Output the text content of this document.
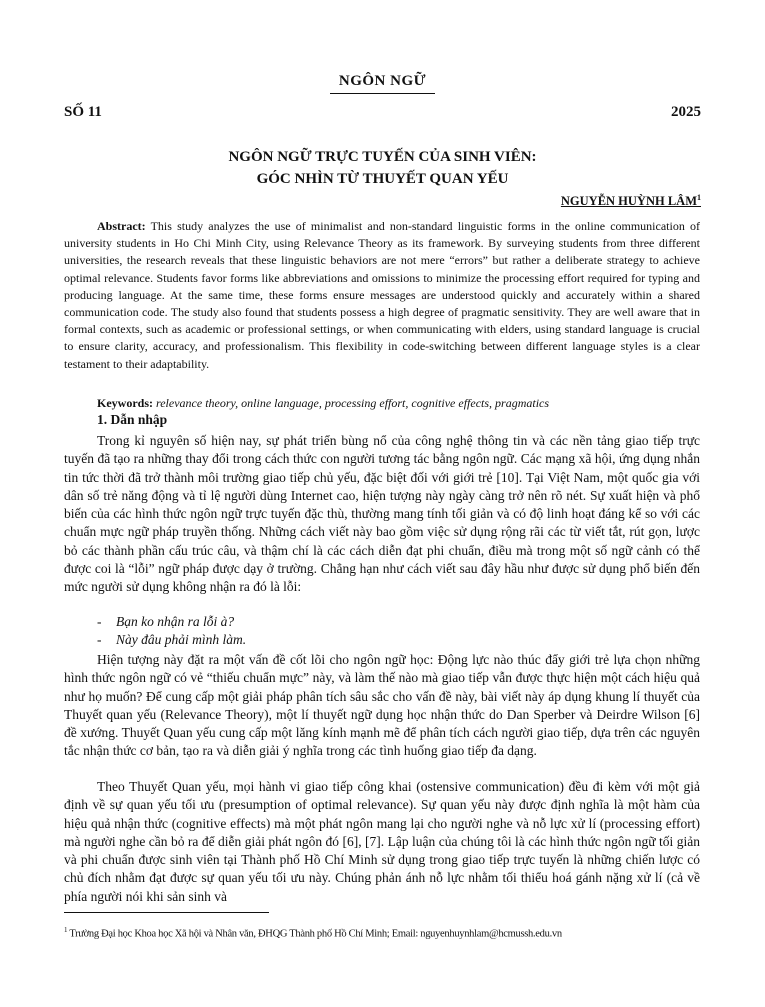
NGÔN NGỮ
SỐ 11	2025
NGÔN NGỮ TRỰC TUYẾN CỦA SINH VIÊN:
GÓC NHÌN TỪ THUYẾT QUAN YẾU
NGUYỄN HUỲNH LÂM$^1$

Abstract: This study analyzes the use of minimalist and non-standard linguistic forms in the online communication of university students in Ho Chi Minh City, using Relevance Theory as its framework. By surveying students from three different universities, the research reveals that these linguistic behaviors are not mere “errors” but rather a deliberate strategy to achieve optimal relevance. Students favor forms like abbreviations and omissions to minimize the processing effort required for typing and producing language. At the same time, these forms ensure messages are understood quickly and accurately within a shared communication code. The study also found that students possess a high degree of pragmatic sensitivity. They are well aware that in formal contexts, such as academic or professional settings, or when communicating with elders, using standard language is crucial to ensure clarity, accuracy, and professionalism. This flexibility in code-switching between different language styles is a clear testament to their adaptability.

Keywords: relevance theory, online language, processing effort, cognitive effects, pragmatics

1. Dẫn nhập

Trong kỉ nguyên số hiện nay, sự phát triển bùng nổ của công nghệ thông tin và các nền tảng giao tiếp trực tuyến đã tạo ra những thay đổi trong cách thức con người tương tác bằng ngôn ngữ. Các mạng xã hội, ứng dụng nhắn tin tức thời đã trở thành môi trường giao tiếp chủ yếu, đặc biệt đối với giới trẻ [10]. Tại Việt Nam, một quốc gia với dân số trẻ năng động và tỉ lệ người dùng Internet cao, hiện tượng này ngày càng trở nên rõ nét. Sự xuất hiện và phổ biến của các hình thức ngôn ngữ trực tuyến đặc thù, thường mang tính tối giản và có độ linh hoạt đáng kể so với các chuẩn mực ngữ pháp truyền thống. Những cách viết này bao gồm việc sử dụng rộng rãi các từ viết tắt, rút gọn, lược bỏ các thành phần cấu trúc câu, và thậm chí là các cách diễn đạt phi chuẩn, điều mà trong một số ngữ cảnh có thể được coi là “lỗi” ngữ pháp được dạy ở trường. Chẳng hạn như cách viết sau đây hầu như được sử dụng phổ biến đến mức người sử dụng không nhận ra đó là lỗi:

-	Bạn ko nhận ra lỗi à?
-	Này đâu phải mình làm.

Hiện tượng này đặt ra một vấn đề cốt lõi cho ngôn ngữ học: Động lực nào thúc đẩy giới trẻ lựa chọn những hình thức ngôn ngữ có vẻ “thiếu chuẩn mực” này, và làm thế nào mà giao tiếp vẫn được thực hiện một cách hiệu quả như họ muốn? Để cung cấp một giải pháp phân tích sâu sắc cho vấn đề này, bài viết này áp dụng khung lí thuyết của Thuyết quan yếu (Relevance Theory), một lí thuyết ngữ dụng học nhận thức do Dan Sperber và Deirdre Wilson [6] đề xướng. Thuyết Quan yếu cung cấp một lăng kính mạnh mẽ để phân tích cách người giao tiếp, dựa trên các nguyên tắc nhận thức cơ bản, tạo ra và diễn giải ý nghĩa trong các tình huống giao tiếp đa dạng.

Theo Thuyết Quan yếu, mọi hành vi giao tiếp công khai (ostensive communication) đều đi kèm với một giả định về sự quan yếu tối ưu (presumption of optimal relevance). Sự quan yếu này được định nghĩa là một hàm của hiệu quả nhận thức (cognitive effects) mà một phát ngôn mang lại cho người nghe và nỗ lực xử lí (processing effort) mà người nghe cần bỏ ra để diễn giải phát ngôn đó [6], [7]. Lập luận của chúng tôi là các hình thức ngôn ngữ tối giản và phi chuẩn được sinh viên tại Thành phố Hồ Chí Minh sử dụng trong giao tiếp trực tuyến là những chiến lược có chủ đích nhằm đạt được sự quan yếu tối ưu này. Chúng phản ánh nỗ lực nhằm tối thiểu hoá gánh nặng xử lí (cả về phía người nói khi sản sinh và

$^1$ Trường Đại học Khoa học Xã hội và Nhân văn, ĐHQG Thành phố Hồ Chí Minh; Email: nguyenhuynhlam@hcmussh.edu.vn
